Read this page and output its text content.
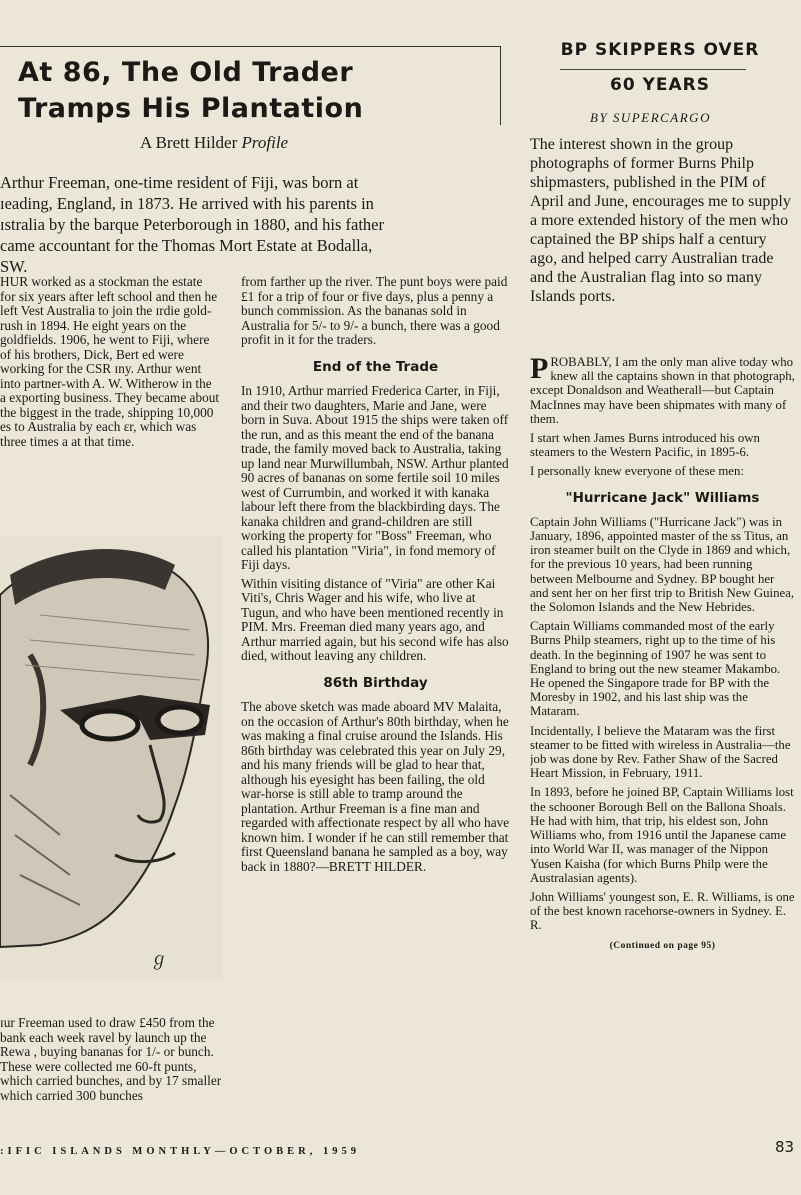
At 86, The Old Trader
Tramps His Plantation
A Brett Hilder Profile

Arthur Freeman, one-time resident of Fiji, was born at

ɪeading, England, in 1873. He arrived with his parents in

ɪstralia by the barque Peterborough in 1880, and his father

came accountant for the Thomas Mort Estate at Bodalla,

SW.

HUR worked as a stockman the estate for six years after left school and then he left Vest Australia to join the ɪrdie gold-rush in 1894. He eight years on the goldfields. 1906, he went to Fiji, where of his brothers, Dick, Bert ed were working for the CSR ɪny. Arthur went into partner-with A. W. Witherow in the a exporting business. They became about the biggest in the trade, shipping 10,000 es to Australia by each ɛr, which was three times a at that time.

ℊ

ɪur Freeman used to draw £450 from the bank each week ravel by launch up the Rewa , buying bananas for 1/- or bunch. These were collected ɪne 60-ft punts, which carried bunches, and by 17 smaller which carried 300 bunches

from farther up the river. The punt boys were paid £1 for a trip of four or five days, plus a penny a bunch commission. As the bananas sold in Australia for 5/- to 9/- a bunch, there was a good profit in it for the traders.

End of the Trade

In 1910, Arthur married Frederica Carter, in Fiji, and their two daughters, Marie and Jane, were born in Suva. About 1915 the ships were taken off the run, and as this meant the end of the banana trade, the family moved back to Australia, taking up land near Murwillumbah, NSW. Arthur planted 90 acres of bananas on some fertile soil 10 miles west of Currumbin, and worked it with kanaka labour left there from the blackbirding days. The kanaka children and grand-children are still working the property for "Boss" Freeman, who called his plantation "Viria", in fond memory of Fiji days.

Within visiting distance of "Viria" are other Kai Viti's, Chris Wager and his wife, who live at Tugun, and who have been mentioned recently in PIM. Mrs. Freeman died many years ago, and Arthur married again, but his second wife has also died, without leaving any children.

86th Birthday

The above sketch was made aboard MV Malaita, on the occasion of Arthur's 80th birthday, when he was making a final cruise around the Islands. His 86th birthday was celebrated this year on July 29, and his many friends will be glad to hear that, although his eyesight has been failing, the old war-horse is still able to tramp around the plantation. Arthur Freeman is a fine man and regarded with affectionate respect by all who have known him. I wonder if he can still remember that first Queensland banana he sampled as a boy, way back in 1880?—BRETT HILDER.

BP SKIPPERS OVER
60 YEARS
BY SUPERCARGO
The interest shown in the group photographs of former Burns Philp shipmasters, published in the PIM of April and June, encourages me to supply a more extended history of the men who captained the BP ships half a century ago, and helped carry Australian trade and the Australian flag into so many Islands ports.

PROBABLY, I am the only man alive today who knew all the captains shown in that photograph, except Donaldson and Weatherall—but Captain MacInnes may have been shipmates with many of them.

I start when James Burns introduced his own steamers to the Western Pacific, in 1895-6.

I personally knew everyone of these men:

"Hurricane Jack" Williams

Captain John Williams ("Hurricane Jack") was in January, 1896, appointed master of the ss Titus, an iron steamer built on the Clyde in 1869 and which, for the previous 10 years, had been running between Melbourne and Sydney. BP bought her and sent her on her first trip to British New Guinea, the Solomon Islands and the New Hebrides.

Captain Williams commanded most of the early Burns Philp steamers, right up to the time of his death. In the beginning of 1907 he was sent to England to bring out the new steamer Makambo. He opened the Singapore trade for BP with the Moresby in 1902, and his last ship was the Mataram.

Incidentally, I believe the Mataram was the first steamer to be fitted with wireless in Australia—the job was done by Rev. Father Shaw of the Sacred Heart Mission, in February, 1911.

In 1893, before he joined BP, Captain Williams lost the schooner Borough Bell on the Ballona Shoals. He had with him, that trip, his eldest son, John Williams who, from 1916 until the Japanese came into World War II, was manager of the Nippon Yusen Kaisha (for which Burns Philp were the Australasian agents).

John Williams' youngest son, E. R. Williams, is one of the best known racehorse-owners in Sydney. E. R.

(Continued on page 95)
:IFIC ISLANDS MONTHLY—OCTOBER, 1959	83
